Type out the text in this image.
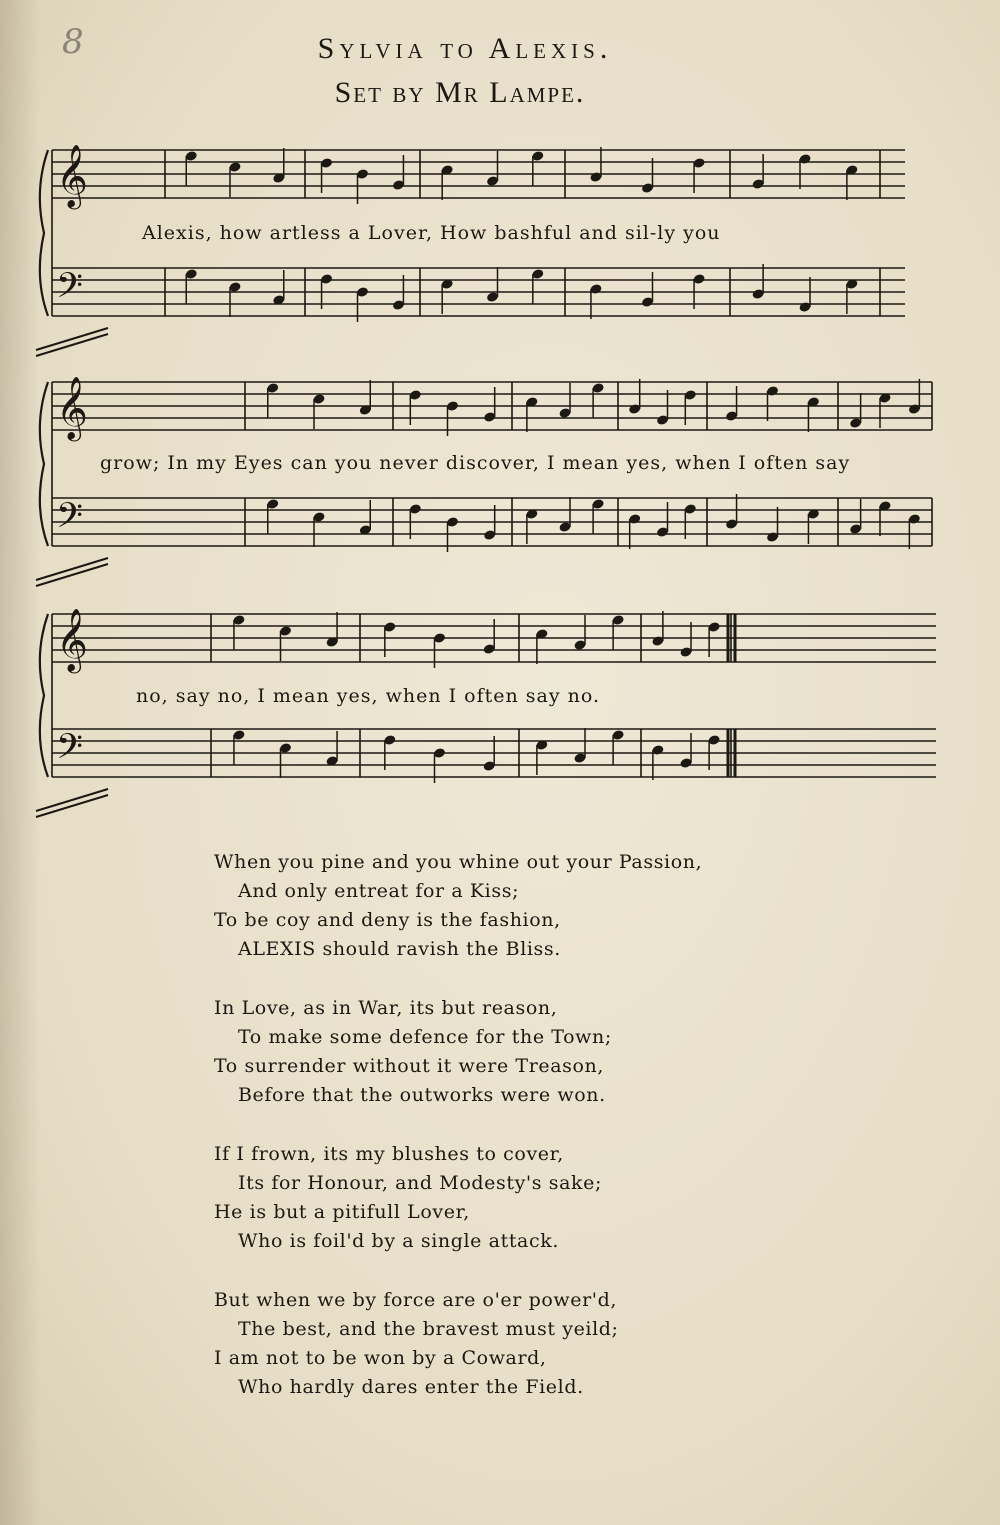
8	Sylvia to Alexis.
Set by Mr Lampe.
𝄞
𝄢
𝄞
𝄢
𝄞
𝄢
Alexis, how artless a Lover, How bashful and sil-ly you
grow; In my Eyes can you never discover, I mean yes, when I often say
no, say no, I mean yes, when I often say no.
When you pine and you whine out your Passion,
And only entreat for a Kiss;
To be coy and deny is the fashion,
ALEXIS should ravish the Bliss.
In Love, as in War, its but reason,
To make some defence for the Town;
To surrender without it were Treason,
Before that the outworks were won.
If I frown, its my blushes to cover,
Its for Honour, and Modesty's sake;
He is but a pitifull Lover,
Who is foil'd by a single attack.
But when we by force are o'er power'd,
The best, and the bravest must yeild;
I am not to be won by a Coward,
Who hardly dares enter the Field.
